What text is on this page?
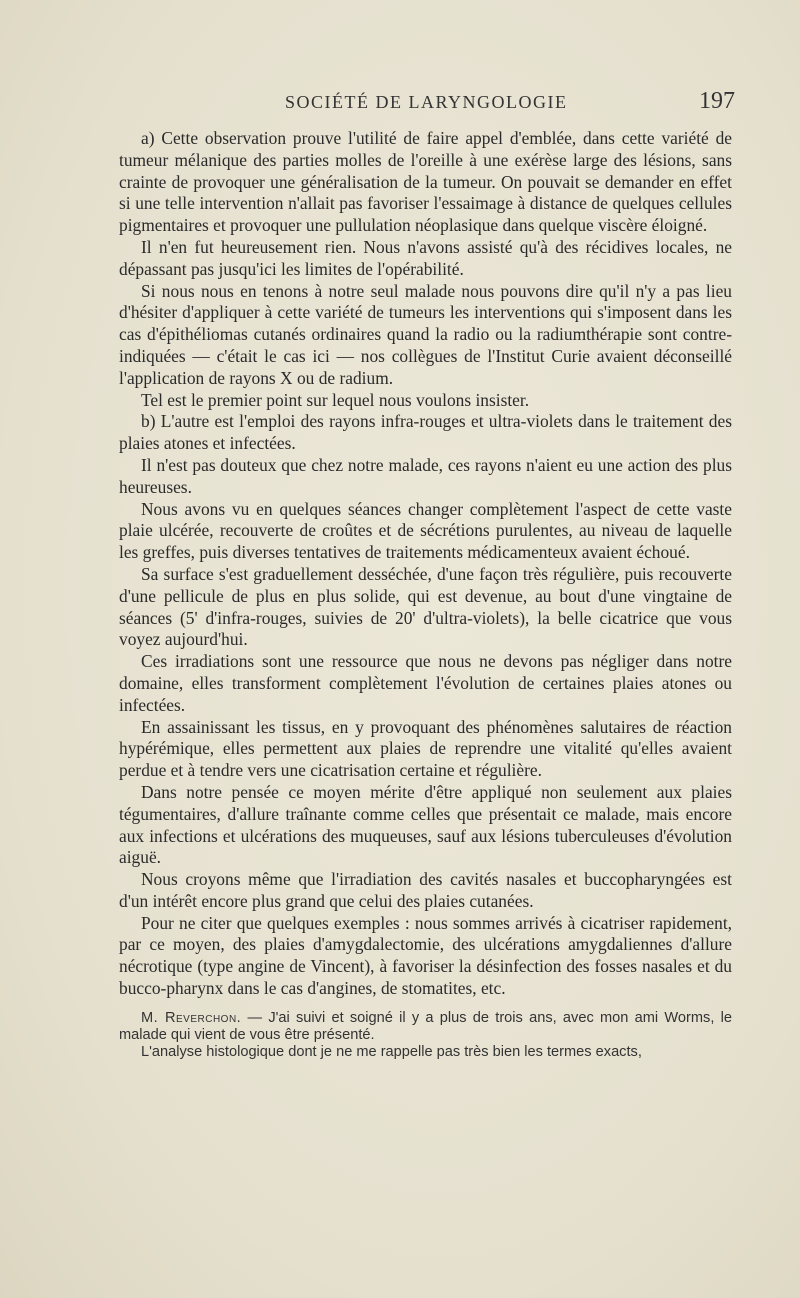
SOCIÉTÉ DE LARYNGOLOGIE	197

a) Cette observation prouve l'utilité de faire appel d'emblée, dans cette variété de tumeur mélanique des parties molles de l'oreille à une exérèse large des lésions, sans crainte de provoquer une généralisation de la tumeur. On pouvait se demander en effet si une telle intervention n'allait pas favoriser l'essaimage à distance de quelques cellules pigmentaires et provoquer une pullulation néoplasique dans quelque viscère éloigné.

Il n'en fut heureusement rien. Nous n'avons assisté qu'à des récidives locales, ne dépassant pas jusqu'ici les limites de l'opérabilité.

Si nous nous en tenons à notre seul malade nous pouvons dire qu'il n'y a pas lieu d'hésiter d'appliquer à cette variété de tumeurs les interventions qui s'imposent dans les cas d'épithéliomas cutanés ordinaires quand la radio ou la radiumthérapie sont contre-indiquées — c'était le cas ici — nos collègues de l'Institut Curie avaient déconseillé l'application de rayons X ou de radium.

Tel est le premier point sur lequel nous voulons insister.

b) L'autre est l'emploi des rayons infra-rouges et ultra-violets dans le traitement des plaies atones et infectées.

Il n'est pas douteux que chez notre malade, ces rayons n'aient eu une action des plus heureuses.

Nous avons vu en quelques séances changer complètement l'aspect de cette vaste plaie ulcérée, recouverte de croûtes et de sécrétions purulentes, au niveau de laquelle les greffes, puis diverses tentatives de traitements médicamenteux avaient échoué.

Sa surface s'est graduellement desséchée, d'une façon très régulière, puis recouverte d'une pellicule de plus en plus solide, qui est devenue, au bout d'une vingtaine de séances (5' d'infra-rouges, suivies de 20' d'ultra-violets), la belle cicatrice que vous voyez aujourd'hui.

Ces irradiations sont une ressource que nous ne devons pas négliger dans notre domaine, elles transforment complètement l'évolution de certaines plaies atones ou infectées.

En assainissant les tissus, en y provoquant des phénomènes salutaires de réaction hypérémique, elles permettent aux plaies de reprendre une vitalité qu'elles avaient perdue et à tendre vers une cicatrisation certaine et régulière.

Dans notre pensée ce moyen mérite d'être appliqué non seulement aux plaies tégumentaires, d'allure traînante comme celles que présentait ce malade, mais encore aux infections et ulcérations des muqueuses, sauf aux lésions tuberculeuses d'évolution aiguë.

Nous croyons même que l'irradiation des cavités nasales et buccopharyngées est d'un intérêt encore plus grand que celui des plaies cutanées.

Pour ne citer que quelques exemples : nous sommes arrivés à cicatriser rapidement, par ce moyen, des plaies d'amygdalectomie, des ulcérations amygdaliennes d'allure nécrotique (type angine de Vincent), à favoriser la désinfection des fosses nasales et du bucco-pharynx dans le cas d'angines, de stomatites, etc.

M. Reverchon. — J'ai suivi et soigné il y a plus de trois ans, avec mon ami Worms, le malade qui vient de vous être présenté.

L'analyse histologique dont je ne me rappelle pas très bien les termes exacts,
